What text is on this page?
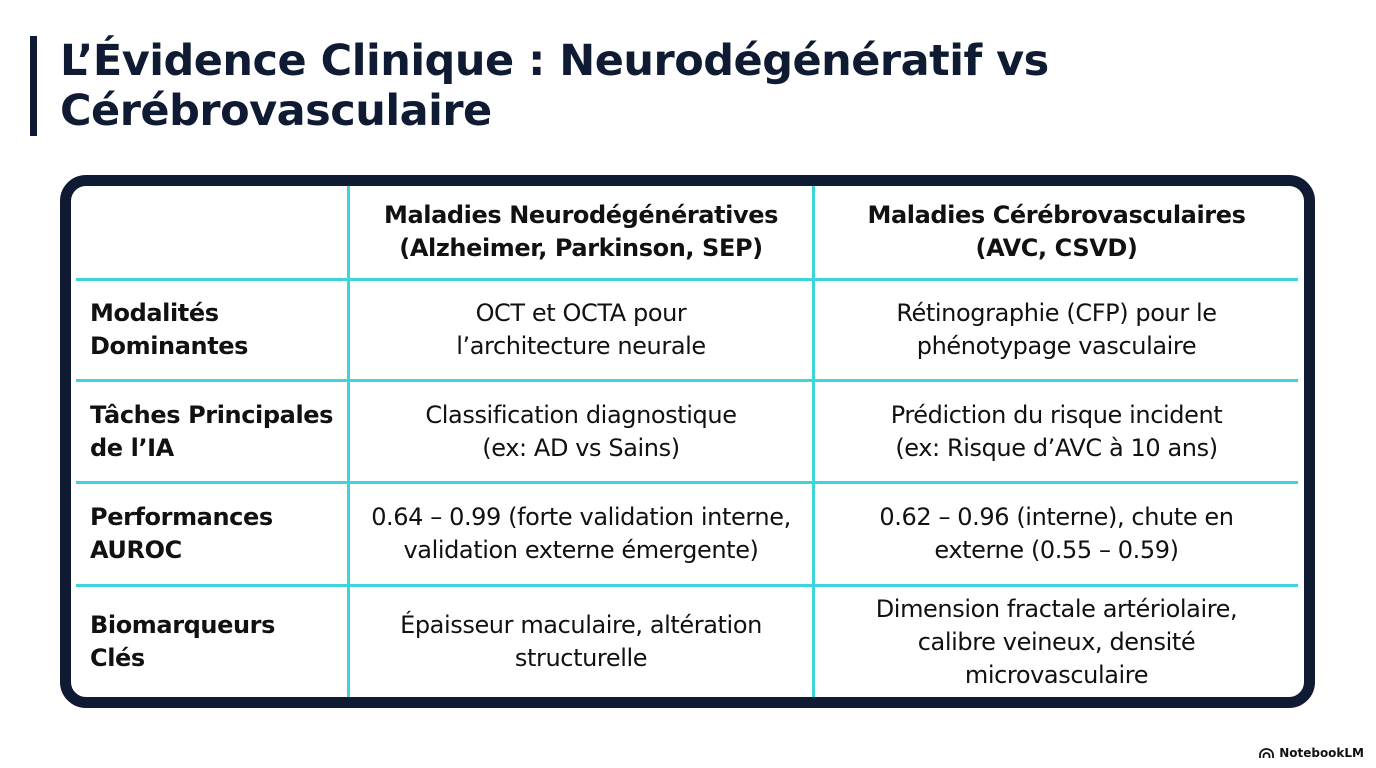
L’Évidence Clinique : Neurodégénératif vs Cérébrovasculaire
Maladies Neurodégénératives
(Alzheimer, Parkinson, SEP)
Maladies Cérébrovasculaires
(AVC, CSVD)
Modalités
Dominantes
OCT et OCTA pour
l’architecture neurale
Rétinographie (CFP) pour le
phénotypage vasculaire
Tâches Principales
de l’IA
Classification diagnostique
(ex: AD vs Sains)
Prédiction du risque incident
(ex: Risque d’AVC à 10 ans)
Performances
AUROC
0.64 – 0.99 (forte validation interne,
validation externe émergente)
0.62 – 0.96 (interne), chute en
externe (0.55 – 0.59)
Biomarqueurs
Clés
Épaisseur maculaire, altération
structurelle
Dimension fractale artériolaire,
calibre veineux, densité
microvasculaire
NotebookLM
